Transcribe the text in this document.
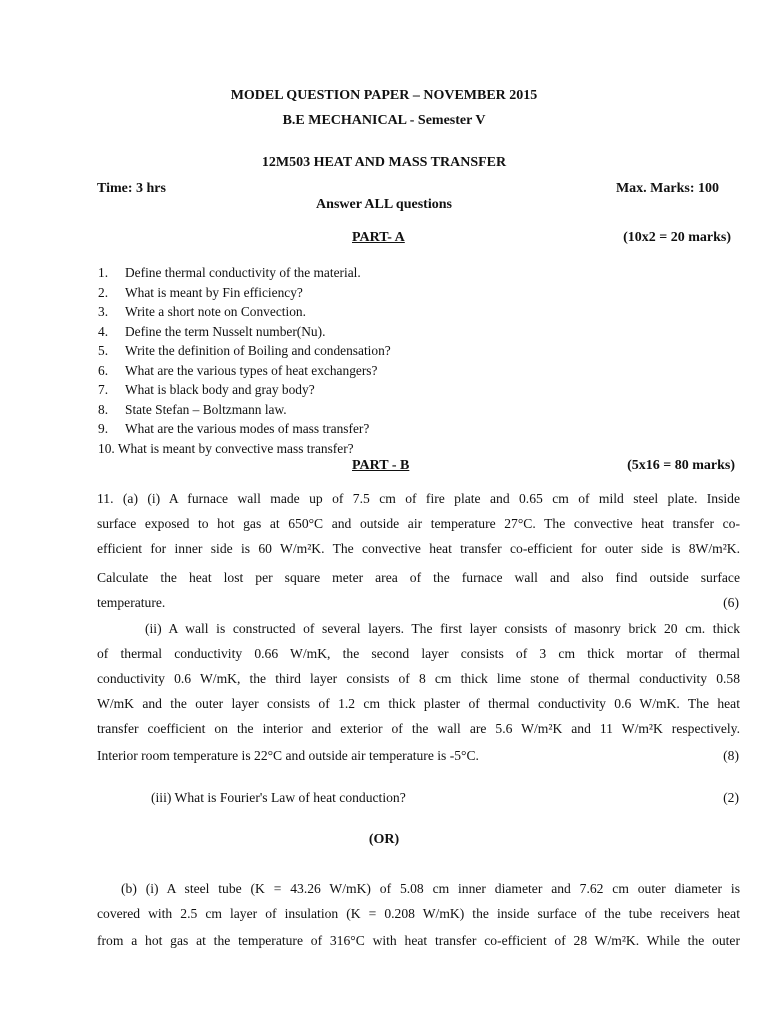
MODEL QUESTION PAPER – NOVEMBER 2015
B.E MECHANICAL - Semester V
12M503 HEAT AND MASS TRANSFER
Time: 3 hrs	Max. Marks: 100
Answer ALL questions
PART- A	(10x2 = 20 marks)
1. Define thermal conductivity of the material.
2. What is meant by Fin efficiency?
3. Write a short note on Convection.
4. Define the term Nusselt number(Nu).
5. Write the definition of Boiling and condensation?
6. What are the various types of heat exchangers?
7. What is black body and gray body?
8. State Stefan – Boltzmann law.
9. What are the various modes of mass transfer?
10. What is meant by convective mass transfer?
PART - B	(5x16 = 80 marks)
11. (a) (i) A furnace wall made up of 7.5 cm of fire plate and 0.65 cm of mild steel plate. Inside
surface exposed to hot gas at 650°C and outside air temperature 27°C. The convective heat transfer co-
efficient for inner side is 60 W/m²K. The convective heat transfer co-efficient for outer side is 8W/m²K.
Calculate the heat lost per square meter area of the furnace wall and also find outside surface
temperature.	(6)
(ii) A wall is constructed of several layers. The first layer consists of masonry brick 20 cm. thick
of thermal conductivity 0.66 W/mK, the second layer consists of 3 cm thick mortar of thermal
conductivity 0.6 W/mK, the third layer consists of 8 cm thick lime stone of thermal conductivity 0.58
W/mK and the outer layer consists of 1.2 cm thick plaster of thermal conductivity 0.6 W/mK. The heat
transfer coefficient on the interior and exterior of the wall are 5.6 W/m²K and 11 W/m²K respectively.
Interior room temperature is 22°C and outside air temperature is -5°C.	(8)
(iii) What is Fourier's Law of heat conduction?	(2)
(OR)
(b) (i) A steel tube (K = 43.26 W/mK) of 5.08 cm inner diameter and 7.62 cm outer diameter is
covered with 2.5 cm layer of insulation (K = 0.208 W/mK) the inside surface of the tube receivers heat
from a hot gas at the temperature of 316°C with heat transfer co-efficient of 28 W/m²K. While the outer
